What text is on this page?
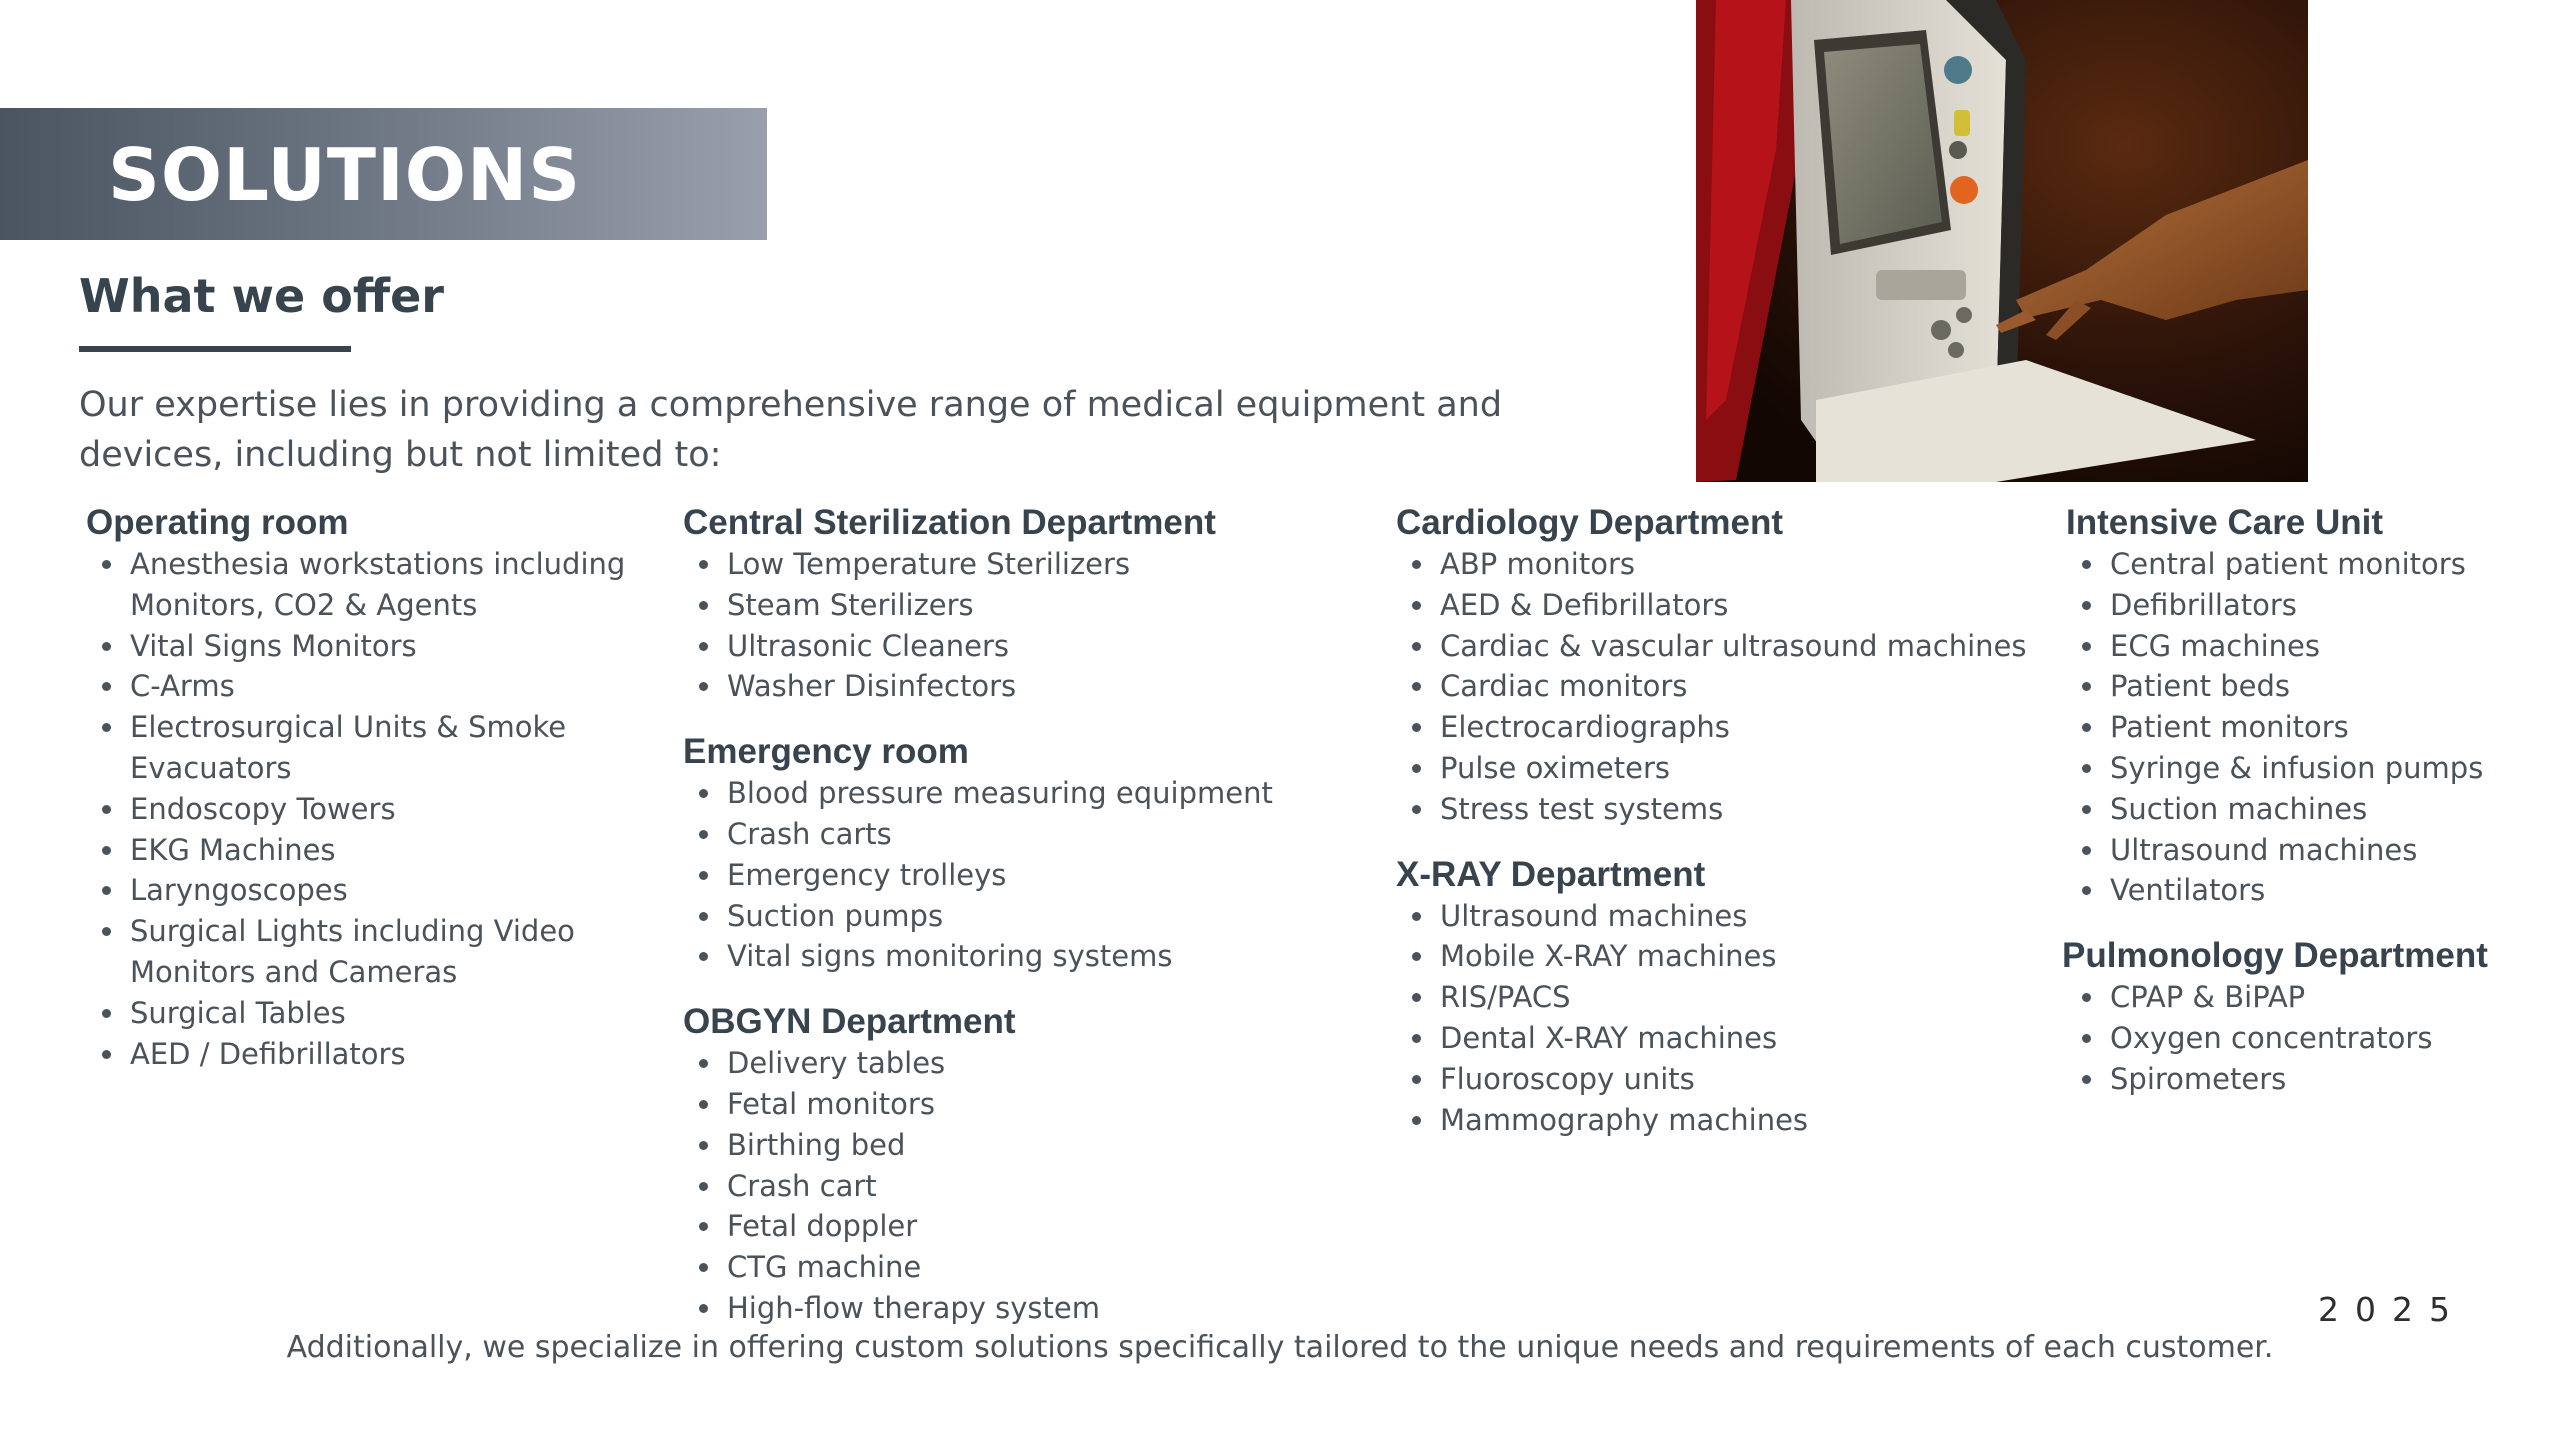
SOLUTIONS
What we offer
Our expertise lies in providing a comprehensive range of medical equipment and devices, including but not limited to:
Operating room
Anesthesia workstations including
Monitors, CO2 & Agents
Vital Signs Monitors
C-Arms
Electrosurgical Units & Smoke
Evacuators
Endoscopy Towers
EKG Machines
Laryngoscopes
Surgical Lights including Video
Monitors and Cameras
Surgical Tables
AED / Defibrillators
Central Sterilization Department
Low Temperature Sterilizers
Steam Sterilizers
Ultrasonic Cleaners
Washer Disinfectors
Emergency room
Blood pressure measuring equipment
Crash carts
Emergency trolleys
Suction pumps
Vital signs monitoring systems
OBGYN Department
Delivery tables
Fetal monitors
Birthing bed
Crash cart
Fetal doppler
CTG machine
High-flow therapy system
Cardiology Department
ABP monitors
AED & Defibrillators
Cardiac & vascular ultrasound machines
Cardiac monitors
Electrocardiographs
Pulse oximeters
Stress test systems
X-RAY Department
Ultrasound machines
Mobile X-RAY machines
RIS/PACS
Dental X-RAY machines
Fluoroscopy units
Mammography machines
Intensive Care Unit
Central patient monitors
Defibrillators
ECG machines
Patient beds
Patient monitors
Syringe & infusion pumps
Suction machines
Ultrasound machines
Ventilators
Pulmonology Department
CPAP & BiPAP
Oxygen concentrators
Spirometers
2025
Additionally, we specialize in offering custom solutions specifically tailored to the unique needs and requirements of each customer.
